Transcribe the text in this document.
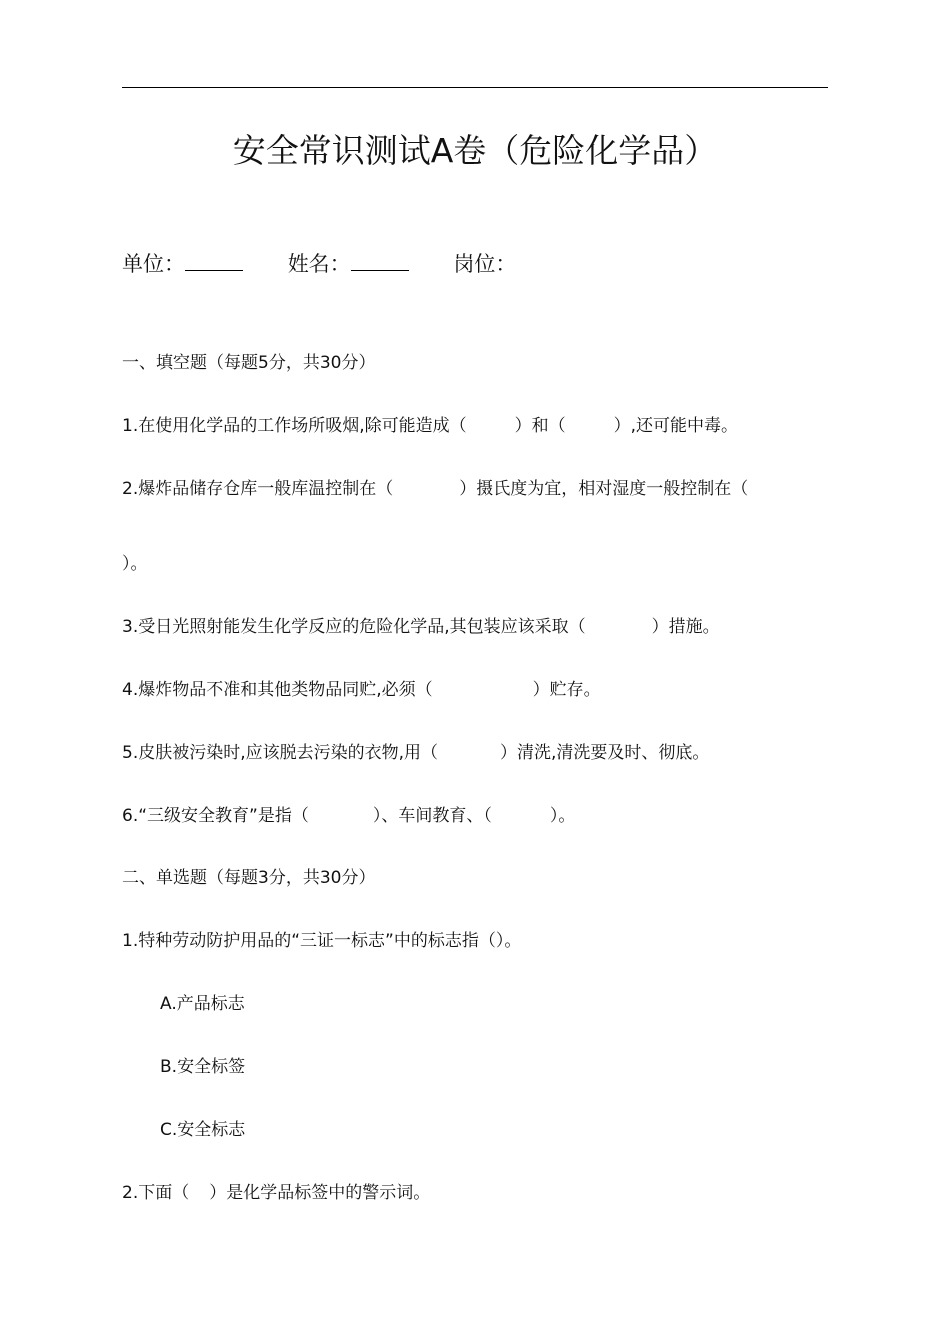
安全常识测试A卷（危险化学品）
单位：	姓名：	岗位：
一、填空题（每题5分，共30分）
1.在使用化学品的工作场所吸烟,除可能造成（	）和（	）,还可能中毒。
2.爆炸品储存仓库一般库温控制在（	）摄氏度为宜，相对湿度一般控制在（
）。
3.受日光照射能发生化学反应的危险化学品,其包装应该采取（	）措施。
4.爆炸物品不准和其他类物品同贮,必须（	）贮存。
5.皮肤被污染时,应该脱去污染的衣物,用（	）清洗,清洗要及时、彻底。
6.“三级安全教育”是指（	）、车间教育、（	）。
二、单选题（每题3分，共30分）
1.特种劳动防护用品的“三证一标志”中的标志指（）。
A.产品标志
B.安全标签
C.安全标志
2.下面（ ）是化学品标签中的警示词。
